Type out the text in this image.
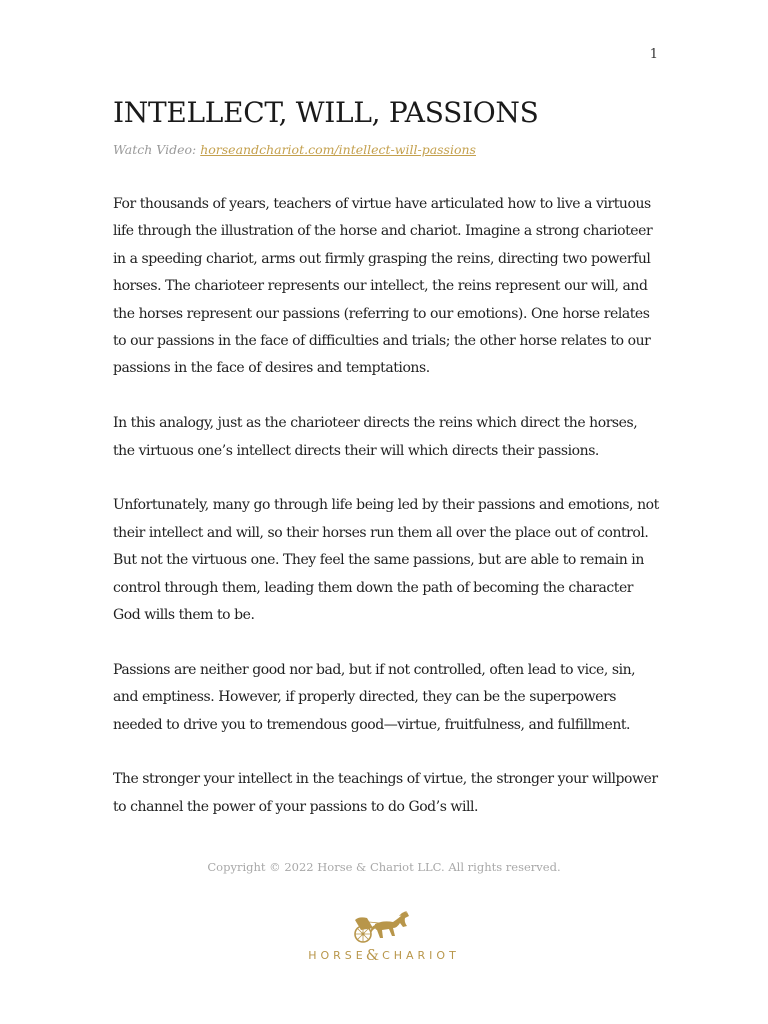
1
INTELLECT, WILL, PASSIONS
Watch Video: horseandchariot.com/intellect-will-passions

For thousands of years, teachers of virtue have articulated how to live a virtuous life through the illustration of the horse and chariot. Imagine a strong charioteer in a speeding chariot, arms out firmly grasping the reins, directing two powerful horses. The charioteer represents our intellect, the reins represent our will, and the horses represent our passions (referring to our emotions). One horse relates to our passions in the face of difficulties and trials; the other horse relates to our passions in the face of desires and temptations.

In this analogy, just as the charioteer directs the reins which direct the horses, the virtuous one’s intellect directs their will which directs their passions.

Unfortunately, many go through life being led by their passions and emotions, not their intellect and will, so their horses run them all over the place out of control. But not the virtuous one. They feel the same passions, but are able to remain in control through them, leading them down the path of becoming the character God wills them to be.

Passions are neither good nor bad, but if not controlled, often lead to vice, sin, and emptiness. However, if properly directed, they can be the superpowers needed to drive you to tremendous good—virtue, fruitfulness, and fulfillment.

The stronger your intellect in the teachings of virtue, the stronger your willpower to channel the power of your passions to do God’s will.

Copyright © 2022 Horse & Chariot LLC. All rights reserved.
HORSE & CHARIOT
